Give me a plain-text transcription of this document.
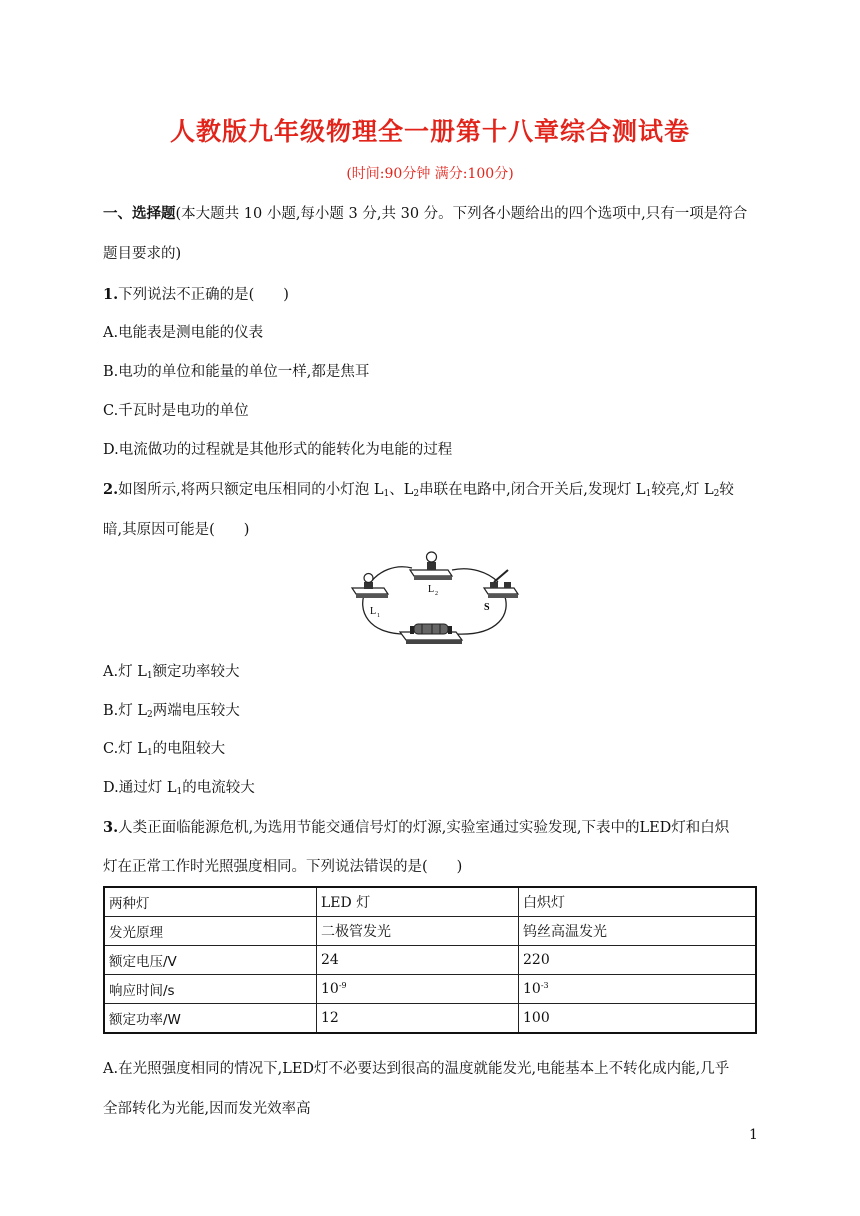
人教版九年级物理全一册第十八章综合测试卷
(时间:90分钟 满分:100分)
一、选择题(本大题共 10 小题,每小题 3 分,共 30 分。下列各小题给出的四个选项中,只有一项是符合
题目要求的)
1.下列说法不正确的是(　　)
A.电能表是测电能的仪表
B.电功的单位和能量的单位一样,都是焦耳
C.千瓦时是电功的单位
D.电流做功的过程就是其他形式的能转化为电能的过程
2.如图所示,将两只额定电压相同的小灯泡 $L_1$、$L_2$串联在电路中,闭合开关后,发现灯 $L_1$较亮,灯 $L_2$较
暗,其原因可能是(　　)
L 1
L 2
S
A.灯 $L_1$额定功率较大
B.灯 $L_2$两端电压较大
C.灯 $L_1$的电阻较大
D.通过灯 $L_1$的电流较大
3.人类正面临能源危机,为选用节能交通信号灯的灯源,实验室通过实验发现,下表中的LED灯和白炽
灯在正常工作时光照强度相同。下列说法错误的是(　　)
两种灯	LED 灯	白炽灯
发光原理	二极管发光	钨丝高温发光
额定电压/V	24	220
响应时间/s	$10^{-9}$	$10^{-3}$
额定功率/W	12	100
A.在光照强度相同的情况下,LED灯不必要达到很高的温度就能发光,电能基本上不转化成内能,几乎
全部转化为光能,因而发光效率高
1
